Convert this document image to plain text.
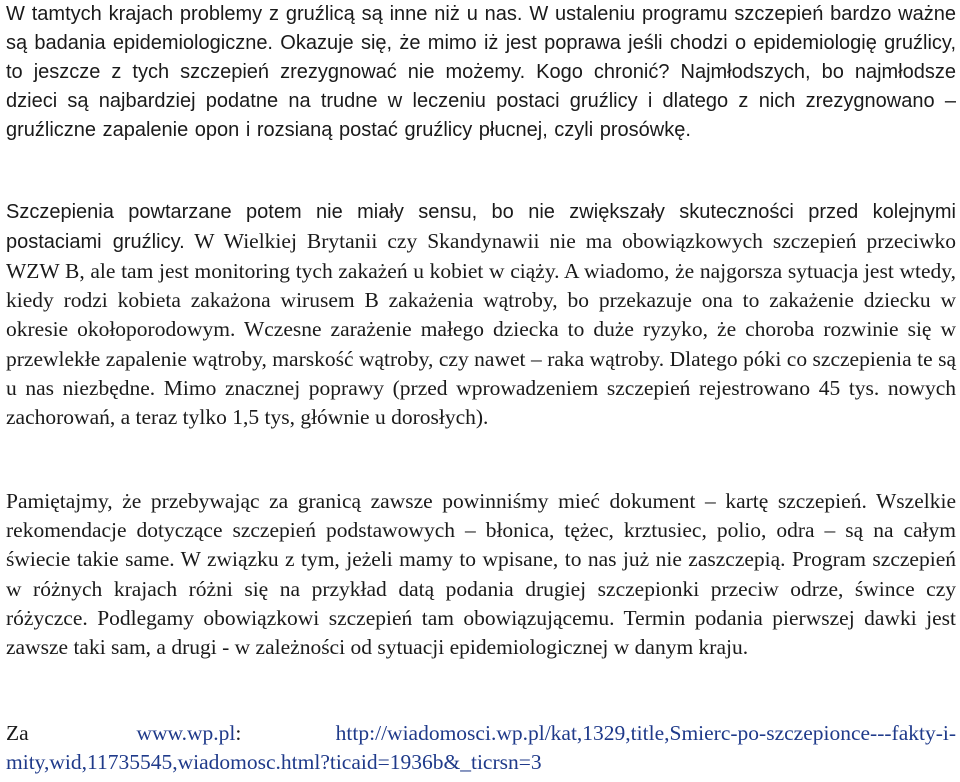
W tamtych krajach problemy z gruźlicą są inne niż u nas. W ustaleniu programu szczepień bardzo ważne są badania epidemiologiczne. Okazuje się, że mimo iż jest poprawa jeśli chodzi o epidemiologię gruźlicy, to jeszcze z tych szczepień zrezygnować nie możemy. Kogo chronić? Najmłodszych, bo najmłodsze dzieci są najbardziej podatne na trudne w leczeniu postaci gruźlicy i dlatego z nich zrezygnowano – gruźliczne zapalenie opon i rozsianą postać gruźlicy płucnej, czyli prosówkę.

Szczepienia powtarzane potem nie miały sensu, bo nie zwiększały skuteczności przed kolejnymi postaciami gruźlicy. W Wielkiej Brytanii czy Skandynawii nie ma obowiązkowych szczepień przeciwko WZW B, ale tam jest monitoring tych zakażeń u kobiet w ciąży. A wiadomo, że najgorsza sytuacja jest wtedy, kiedy rodzi kobieta zakażona wirusem B zakażenia wątroby, bo przekazuje ona to zakażenie dziecku w okresie okołoporodowym. Wczesne zarażenie małego dziecka to duże ryzyko, że choroba rozwinie się w przewlekłe zapalenie wątroby, marskość wątroby, czy nawet – raka wątroby. Dlatego póki co szczepienia te są u nas niezbędne. Mimo znacznej poprawy (przed wprowadzeniem szczepień rejestrowano 45 tys. nowych zachorowań, a teraz tylko 1,5 tys, głównie u dorosłych).

Pamiętajmy, że przebywając za granicą zawsze powinniśmy mieć dokument – kartę szczepień. Wszelkie rekomendacje dotyczące szczepień podstawowych – błonica, tężec, krztusiec, polio, odra – są na całym świecie takie same. W związku z tym, jeżeli mamy to wpisane, to nas już nie zaszczepią. Program szczepień w różnych krajach różni się na przykład datą podania drugiej szczepionki przeciw odrze, śwince czy różyczce. Podlegamy obowiązkowi szczepień tam obowiązującemu. Termin podania pierwszej dawki jest zawsze taki sam, a drugi - w zależności od sytuacji epidemiologicznej w danym kraju.

Za	www.wp.pl:	http://wiadomosci.wp.pl/kat,1329,title,Smierc-po-szczepionce---fakty-i-mity,wid,11735545,wiadomosc.html?ticaid=1936b&_ticrsn=3
